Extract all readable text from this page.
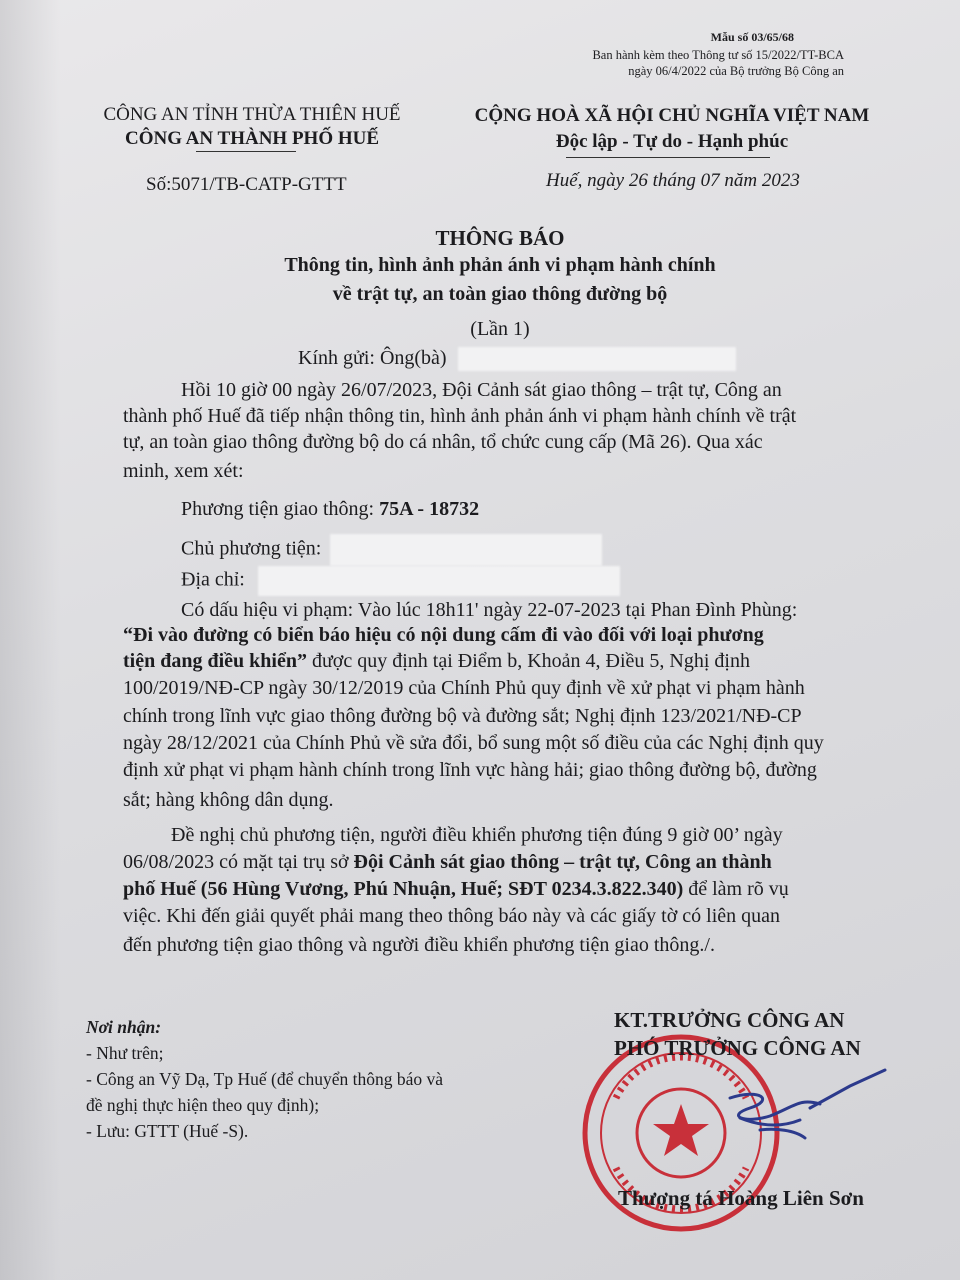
Mẫu số 03/65/68
Ban hành kèm theo Thông tư số 15/2022/TT-BCA
ngày 06/4/2022 của Bộ trưởng Bộ Công an
CÔNG AN TỈNH THỪA THIÊN HUẾ
CÔNG AN THÀNH PHỐ HUẾ
CỘNG HOÀ XÃ HỘI CHỦ NGHĨA VIỆT NAM
Độc lập - Tự do - Hạnh phúc
Số:5071/TB-CATP-GTTT	Huế, ngày 26 tháng 07 năm 2023
THÔNG BÁO
Thông tin, hình ảnh phản ánh vi phạm hành chính
về trật tự, an toàn giao thông đường bộ
(Lần 1)
Kính gửi: Ông(bà)
Hồi 10 giờ 00 ngày 26/07/2023, Đội Cảnh sát giao thông – trật tự, Công an
thành phố Huế đã tiếp nhận thông tin, hình ảnh phản ánh vi phạm hành chính về trật
tự, an toàn giao thông đường bộ do cá nhân, tổ chức cung cấp (Mã 26). Qua xác
minh, xem xét:
Phương tiện giao thông: 75A - 18732
Chủ phương tiện:
Địa chỉ:
Có dấu hiệu vi phạm: Vào lúc 18h11' ngày 22-07-2023 tại Phan Đình Phùng:
“Đi vào đường có biển báo hiệu có nội dung cấm đi vào đối với loại phương
tiện đang điều khiển” được quy định tại Điểm b, Khoản 4, Điều 5, Nghị định
100/2019/NĐ-CP ngày 30/12/2019 của Chính Phủ quy định về xử phạt vi phạm hành
chính trong lĩnh vực giao thông đường bộ và đường sắt; Nghị định 123/2021/NĐ-CP
ngày 28/12/2021 của Chính Phủ về sửa đổi, bổ sung một số điều của các Nghị định quy
định xử phạt vi phạm hành chính trong lĩnh vực hàng hải; giao thông đường bộ, đường
sắt; hàng không dân dụng.
Đề nghị chủ phương tiện, người điều khiển phương tiện đúng 9 giờ 00’ ngày
06/08/2023 có mặt tại trụ sở Đội Cảnh sát giao thông – trật tự, Công an thành
phố Huế (56 Hùng Vương, Phú Nhuận, Huế; SĐT 0234.3.822.340) để làm rõ vụ
việc. Khi đến giải quyết phải mang theo thông báo này và các giấy tờ có liên quan
đến phương tiện giao thông và người điều khiển phương tiện giao thông./.
Nơi nhận:
- Như trên;
- Công an Vỹ Dạ, Tp Huế (để chuyển thông báo và
đề nghị thực hiện theo quy định);
- Lưu: GTTT (Huế -S).
KT.TRƯỞNG CÔNG AN
PHÓ TRƯỞNG CÔNG AN
Thượng tá Hoàng Liên Sơn
